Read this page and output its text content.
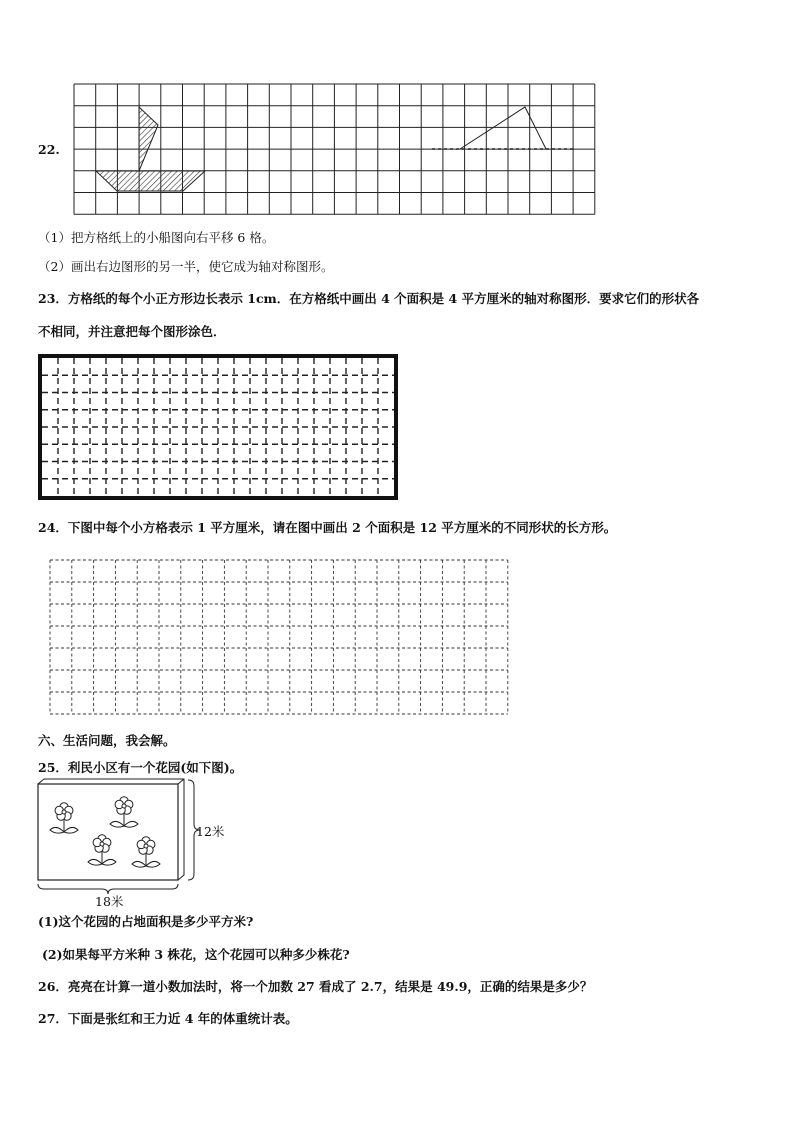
22.
（1）把方格纸上的小船图向右平移 6 格。
（2）画出右边图形的另一半，使它成为轴对称图形。
23．方格纸的每个小正方形边长表示 1cm．在方格纸中画出 4 个面积是 4 平方厘米的轴对称图形．要求它们的形状各
不相同，并注意把每个图形涂色．
24．下图中每个小方格表示 1 平方厘米，请在图中画出 2 个面积是 12 平方厘米的不同形状的长方形。
六、生活问题，我会解。
25．利民小区有一个花园(如下图)。
12米
18米
(1)这个花园的占地面积是多少平方米?
(2)如果每平方米种 3 株花，这个花园可以种多少株花?
26．亮亮在计算一道小数加法时，将一个加数 27 看成了 2.7，结果是 49.9，正确的结果是多少？
27．下面是张红和王力近 4 年的体重统计表。
